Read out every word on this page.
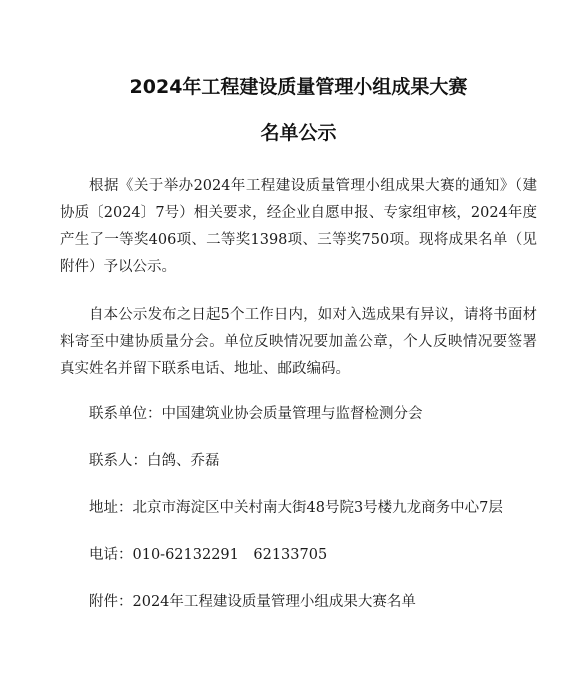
2024年工程建设质量管理小组成果大赛
名单公示

根据《关于举办2024年工程建设质量管理小组成果大赛的通知》（建协质〔2024〕7号）相关要求，经企业自愿申报、专家组审核，2024年度产生了一等奖406项、二等奖1398项、三等奖750项。现将成果名单（见附件）予以公示。

自本公示发布之日起5个工作日内，如对入选成果有异议，请将书面材料寄至中建协质量分会。单位反映情况要加盖公章，个人反映情况要签署真实姓名并留下联系电话、地址、邮政编码。

联系单位：中国建筑业协会质量管理与监督检测分会

联系人：白鸽、乔磊

地址：北京市海淀区中关村南大街48号院3号楼九龙商务中心7层

电话：010-62132291　62133705

附件：2024年工程建设质量管理小组成果大赛名单
